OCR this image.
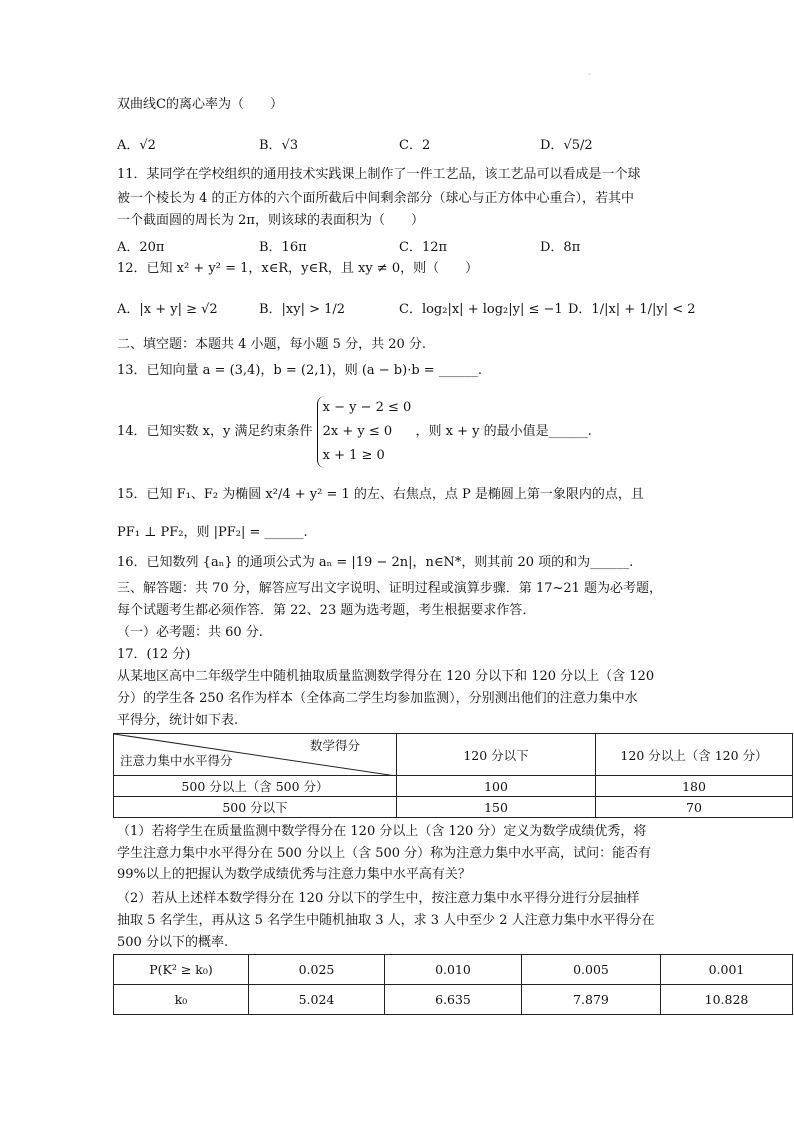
·
双曲线C的离心率为（　　）
A．√2	B．√3	C．2	D．√5/2
11．某同学在学校组织的通用技术实践课上制作了一件工艺品，该工艺品可以看成是一个球
被一个棱长为 4 的正方体的六个面所截后中间剩余部分（球心与正方体中心重合），若其中
一个截面圆的周长为 2π，则该球的表面积为（　　）
A．20π	B．16π	C．12π	D．8π
12．已知 x² + y² = 1，x∈R，y∈R，且 xy ≠ 0，则（　　）
A．|x + y| ≥ √2	B．|xy| > 1/2	C．log₂|x| + log₂|y| ≤ −1 D．1/|x| + 1/|y| < 2
二、填空题：本题共 4 小题，每小题 5 分，共 20 分.
13．已知向量 a = (3,4)，b = (2,1)，则 (a − b)·b = ______.
14．已知实数 x，y 满足约束条件
x − y − 2 ≤ 0
2x + y ≤ 0
x + 1 ≥ 0
，则 x + y 的最小值是______.
15．已知 F₁、F₂ 为椭圆 x²/4 + y² = 1 的左、右焦点，点 P 是椭圆上第一象限内的点，且
PF₁ ⊥ PF₂，则 |PF₂| = ______.
16．已知数列 {aₙ} 的通项公式为 aₙ = |19 − 2n|，n∈N*，则其前 20 项的和为______.
三、解答题：共 70 分，解答应写出文字说明、证明过程或演算步骤．第 17~21 题为必考题，
每个试题考生都必须作答．第 22、23 题为选考题，考生根据要求作答．
（一）必考题：共 60 分.
17．(12 分)
从某地区高中二年级学生中随机抽取质量监测数学得分在 120 分以下和 120 分以上（含 120
分）的学生各 250 名作为样本（全体高二学生均参加监测），分别测出他们的注意力集中水
平得分，统计如下表.
数学得分
注意力集中水平得分	120 分以下	120 分以上（含 120 分）
500 分以上（含 500 分）	100	180
500 分以下	150	70
（1）若将学生在质量监测中数学得分在 120 分以上（含 120 分）定义为数学成绩优秀，将
学生注意力集中水平得分在 500 分以上（含 500 分）称为注意力集中水平高，试问：能否有
99%以上的把握认为数学成绩优秀与注意力集中水平高有关？
（2）若从上述样本数学得分在 120 分以下的学生中，按注意力集中水平得分进行分层抽样
抽取 5 名学生，再从这 5 名学生中随机抽取 3 人，求 3 人中至少 2 人注意力集中水平得分在
500 分以下的概率.
P(K² ≥ k₀)	0.025	0.010	0.005	0.001
k₀	5.024	6.635	7.879	10.828
